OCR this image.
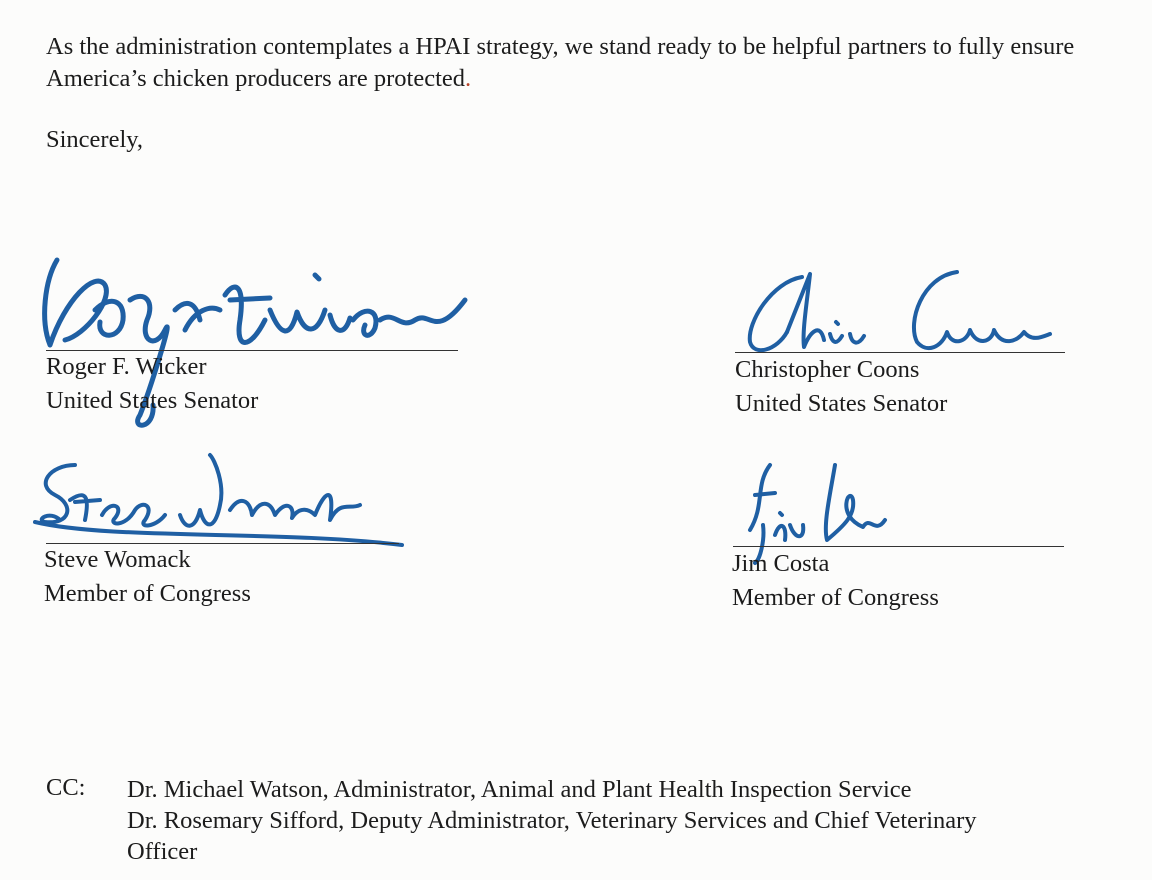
As the administration contemplates a HPAI strategy, we stand ready to be helpful partners to fully ensure America’s chicken producers are protected.
Sincerely,
Roger F. Wicker
United States Senator
Christopher Coons
United States Senator
Steve Womack
Member of Congress
Jim Costa
Member of Congress
CC: Dr. Michael Watson, Administrator, Animal and Plant Health Inspection Service
Dr. Rosemary Sifford, Deputy Administrator, Veterinary Services and Chief Veterinary
Officer
